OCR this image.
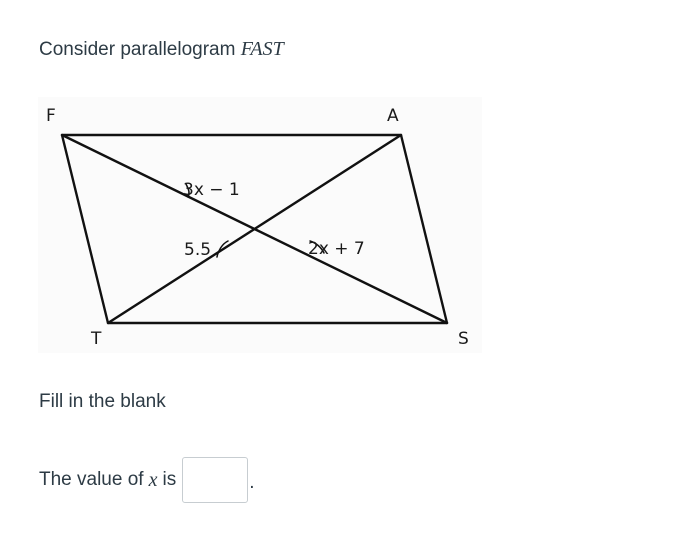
Consider parallelogram FAST
F	A
S
T
3x − 1
5.5	2x + 7
Fill in the blank
The value of x is	.
